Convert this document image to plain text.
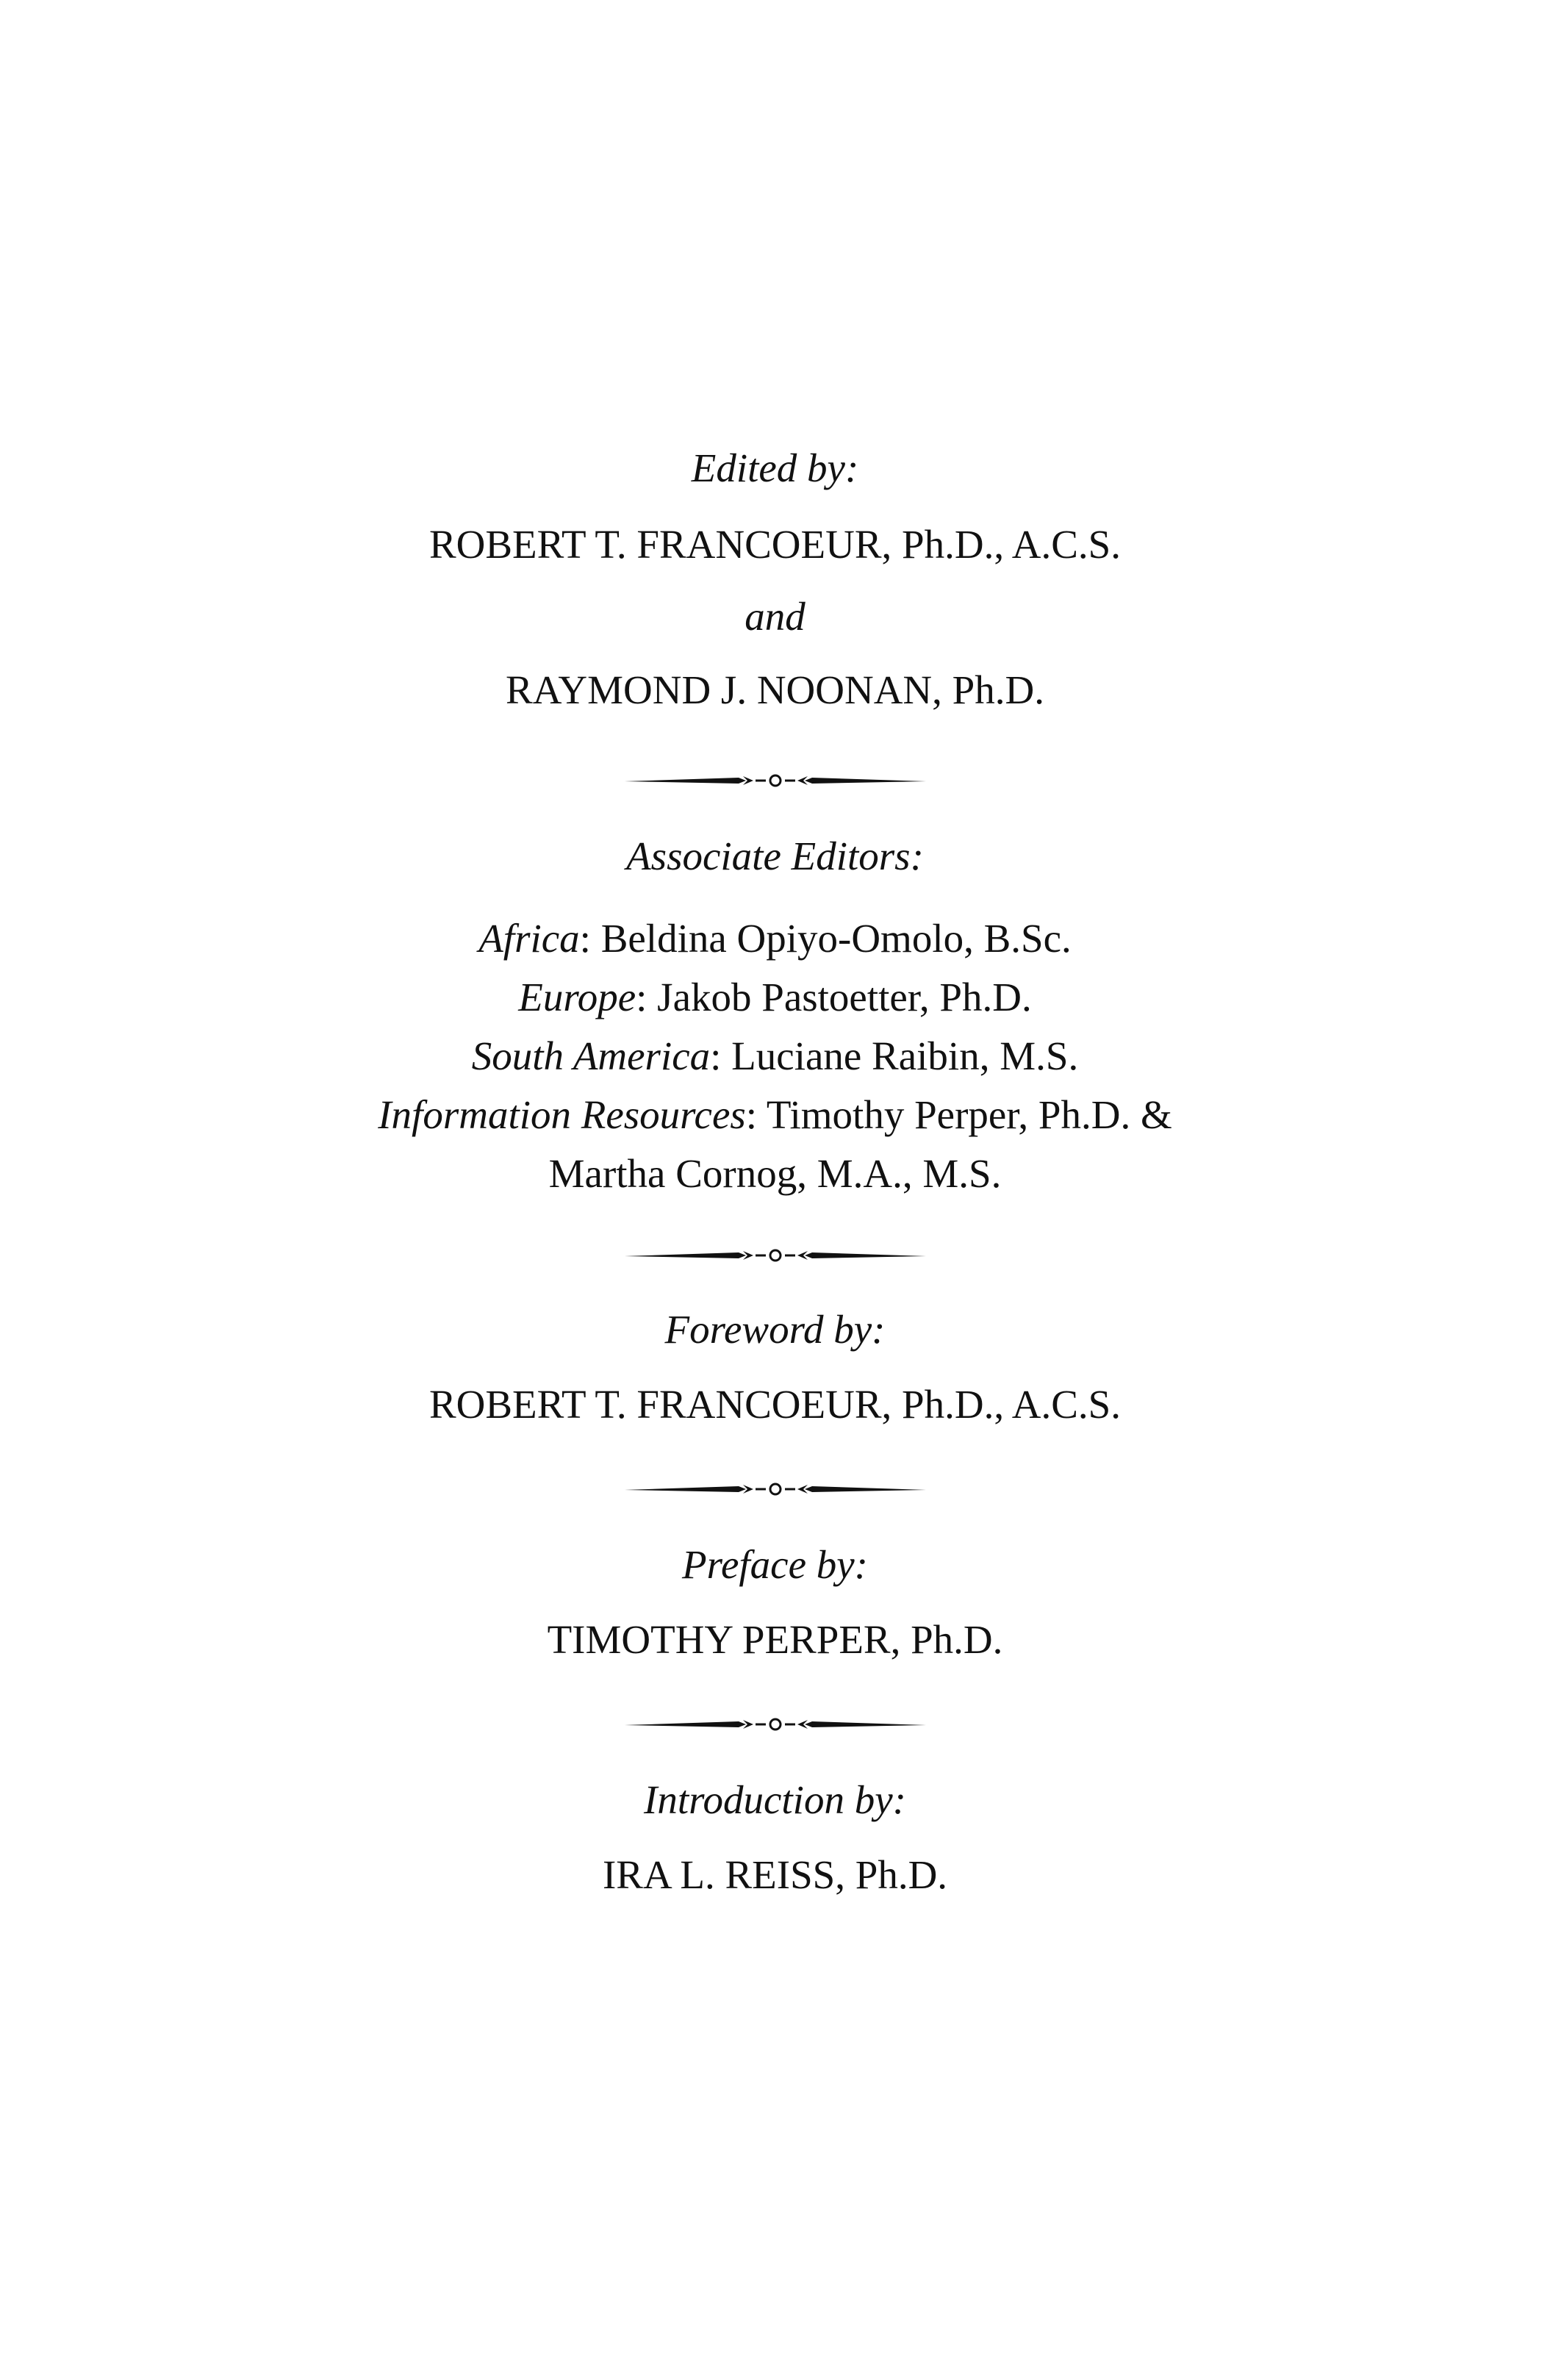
Edited by:
ROBERT T. FRANCOEUR, Ph.D., A.C.S.
and
RAYMOND J. NOONAN, Ph.D.
Associate Editors:
Africa: Beldina Opiyo-Omolo, B.Sc.
Europe: Jakob Pastoetter, Ph.D.
South America: Luciane Raibin, M.S.
Information Resources: Timothy Perper, Ph.D. &
Martha Cornog, M.A., M.S.
Foreword by:
ROBERT T. FRANCOEUR, Ph.D., A.C.S.
Preface by:
TIMOTHY PERPER, Ph.D.
Introduction by:
IRA L. REISS, Ph.D.
